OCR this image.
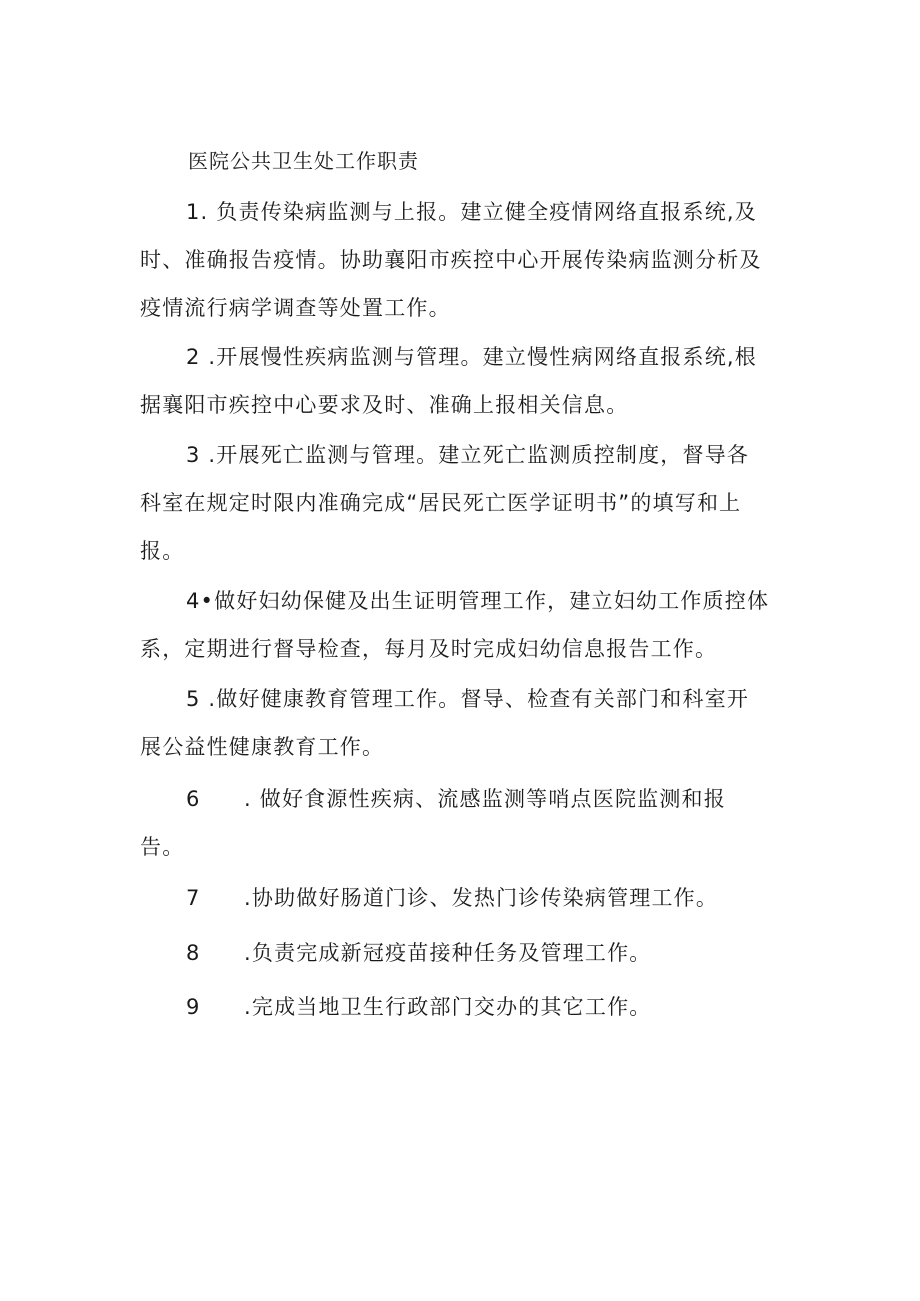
医院公共卫生处工作职责
1. 负责传染病监测与上报。建立健全疫情网络直报系统,及
时、准确报告疫情。协助襄阳市疾控中心开展传染病监测分析及
疫情流行病学调查等处置工作。
2 .开展慢性疾病监测与管理。建立慢性病网络直报系统,根
据襄阳市疾控中心要求及时、准确上报相关信息。
3 .开展死亡监测与管理。建立死亡监测质控制度，督导各
科室在规定时限内准确完成“居民死亡医学证明书”的填写和上
报。
4•做好妇幼保健及出生证明管理工作，建立妇幼工作质控体
系，定期进行督导检查，每月及时完成妇幼信息报告工作。
5 .做好健康教育管理工作。督导、检查有关部门和科室开
展公益性健康教育工作。
6 . 做好食源性疾病、流感监测等哨点医院监测和报
告。
7 .协助做好肠道门诊、发热门诊传染病管理工作。
8 .负责完成新冠疫苗接种任务及管理工作。
9 .完成当地卫生行政部门交办的其它工作。
